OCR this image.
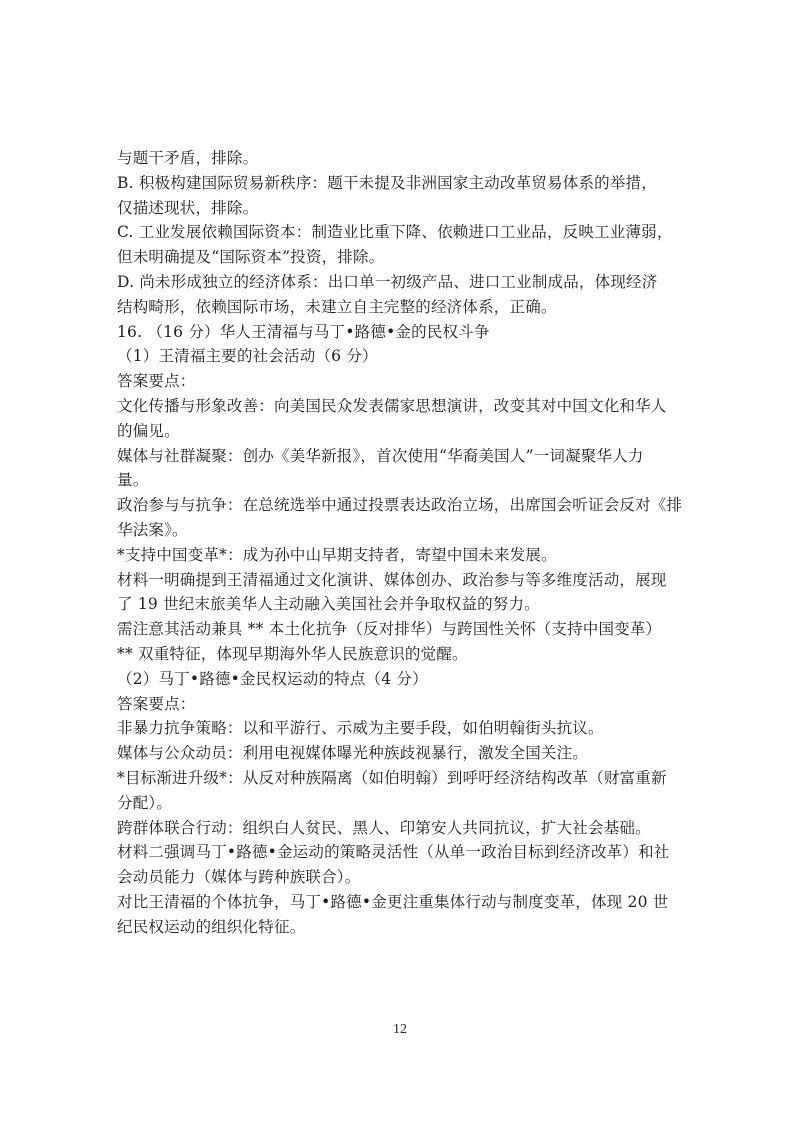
与题干矛盾，排除。
B. 积极构建国际贸易新秩序：题干未提及非洲国家主动改革贸易体系的举措，
仅描述现状，排除。
C. 工业发展依赖国际资本：制造业比重下降、依赖进口工业品，反映工业薄弱，
但未明确提及“国际资本”投资，排除。
D. 尚未形成独立的经济体系：出口单一初级产品、进口工业制成品，体现经济
结构畸形，依赖国际市场，未建立自主完整的经济体系，正确。
16. （16 分）华人王清福与马丁•路德•金的民权斗争
（1）王清福主要的社会活动（6 分）
答案要点：
文化传播与形象改善：向美国民众发表儒家思想演讲，改变其对中国文化和华人
的偏见。
媒体与社群凝聚：创办《美华新报》，首次使用“华裔美国人”一词凝聚华人力
量。
政治参与与抗争：在总统选举中通过投票表达政治立场，出席国会听证会反对《排
华法案》。
*支持中国变革*：成为孙中山早期支持者，寄望中国未来发展。
材料一明确提到王清福通过文化演讲、媒体创办、政治参与等多维度活动，展现
了 19 世纪末旅美华人主动融入美国社会并争取权益的努力。
需注意其活动兼具 ** 本土化抗争（反对排华）与跨国性关怀（支持中国变革）
** 双重特征，体现早期海外华人民族意识的觉醒。
（2）马丁•路德•金民权运动的特点（4 分）
答案要点：
非暴力抗争策略：以和平游行、示威为主要手段，如伯明翰街头抗议。
媒体与公众动员：利用电视媒体曝光种族歧视暴行，激发全国关注。
*目标渐进升级*：从反对种族隔离（如伯明翰）到呼吁经济结构改革（财富重新
分配）。
跨群体联合行动：组织白人贫民、黑人、印第安人共同抗议，扩大社会基础。
材料二强调马丁•路德•金运动的策略灵活性（从单一政治目标到经济改革）和社
会动员能力（媒体与跨种族联合）。
对比王清福的个体抗争，马丁•路德•金更注重集体行动与制度变革，体现 20 世
纪民权运动的组织化特征。
12
